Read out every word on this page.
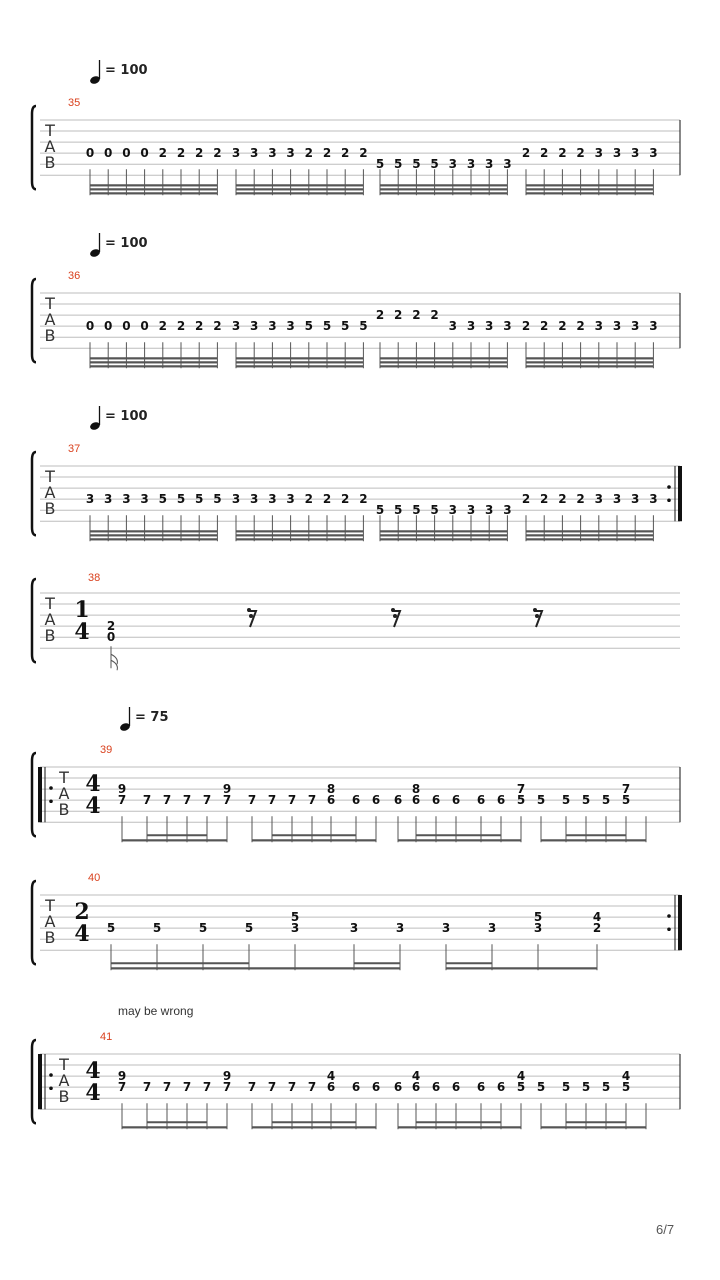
T
A
B
= 100
35
0 0 0 0 2 2 2 2 3 3 3 3 2 2 2 2
5 5 5 5 3 3 3 3
2 2 2 2 3 3 3 3
T
A
B
= 100
36
0 0 0 0 2 2 2 2 3 3 3 3 5 5 5 5
2 2 2 2
3 3 3 3 2 2 2 2 3 3 3 3
T
A
B
= 100
37
3 3 3 3 5 5 5 5 3 3 3 3 2 2 2 2
5 5 5 5 3 3 3 3
2 2 2 2 3 3 3 3
T
A
B
38
1
4 2
0
T
A
B
= 75
39
4
4
9
7 7 7 7 7
9
7 7 7 7 7
8
6 6 6 6
8
6 6 6 6 6
7
5 5 5 5 5
7
5
T
A
B
41
4
4
9
7 7 7 7 7
9
7 7 7 7 7
4
6 6 6 6
4
6 6 6 6 6
4
5 5 5 5 5
4
5
T
A
B
40
2
4 5	5	5	5
5
3	3	3	3	3
5
3
4
2
may be wrong
6/7
